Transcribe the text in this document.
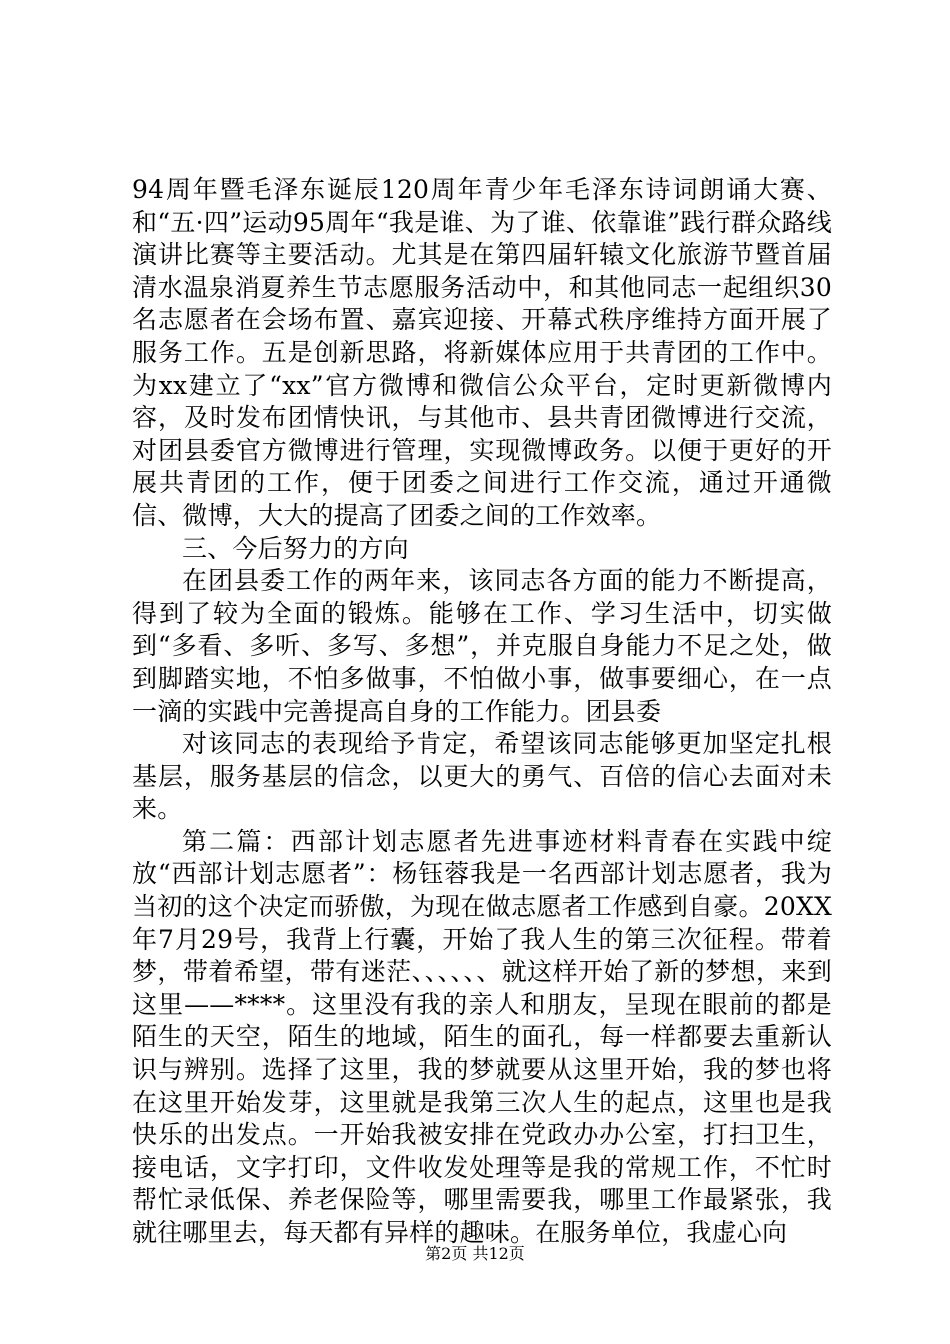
94周年暨毛泽东诞辰120周年青少年毛泽东诗词朗诵大赛、和“五·四”运动95周年“我是谁、为了谁、依靠谁”践行群众路线演讲比赛等主要活动。尤其是在第四届轩辕文化旅游节暨首届清水温泉消夏养生节志愿服务活动中，和其他同志一起组织30名志愿者在会场布置、嘉宾迎接、开幕式秩序维持方面开展了服务工作。五是创新思路，将新媒体应用于共青团的工作中。为xx建立了“xx”官方微博和微信公众平台，定时更新微博内容，及时发布团情快讯，与其他市、县共青团微博进行交流，对团县委官方微博进行管理，实现微博政务。以便于更好的开展共青团的工作，便于团委之间进行工作交流，通过开通微信、微博，大大的提高了团委之间的工作效率。

三、今后努力的方向

在团县委工作的两年来，该同志各方面的能力不断提高，得到了较为全面的锻炼。能够在工作、学习生活中，切实做到“多看、多听、多写、多想”，并克服自身能力不足之处，做到脚踏实地，不怕多做事，不怕做小事，做事要细心，在一点一滴的实践中完善提高自身的工作能力。团县委

对该同志的表现给予肯定，希望该同志能够更加坚定扎根基层，服务基层的信念，以更大的勇气、百倍的信心去面对未来。

第二篇：西部计划志愿者先进事迹材料青春在实践中绽放“西部计划志愿者”：杨钰蓉我是一名西部计划志愿者，我为当初的这个决定而骄傲，为现在做志愿者工作感到自豪。20XX年7月29号，我背上行囊，开始了我人生的第三次征程。带着梦，带着希望，带有迷茫、、、、、、就这样开始了新的梦想，来到这里——****。这里没有我的亲人和朋友，呈现在眼前的都是陌生的天空，陌生的地域，陌生的面孔，每一样都要去重新认识与辨别。选择了这里，我的梦就要从这里开始，我的梦也将在这里开始发芽，这里就是我第三次人生的起点，这里也是我快乐的出发点。一开始我被安排在党政办办公室，打扫卫生，接电话，文字打印，文件收发处理等是我的常规工作，不忙时帮忙录低保、养老保险等，哪里需要我，哪里工作最紧张，我就往哪里去，每天都有异样的趣味。在服务单位，我虚心向

第2页 共12页
